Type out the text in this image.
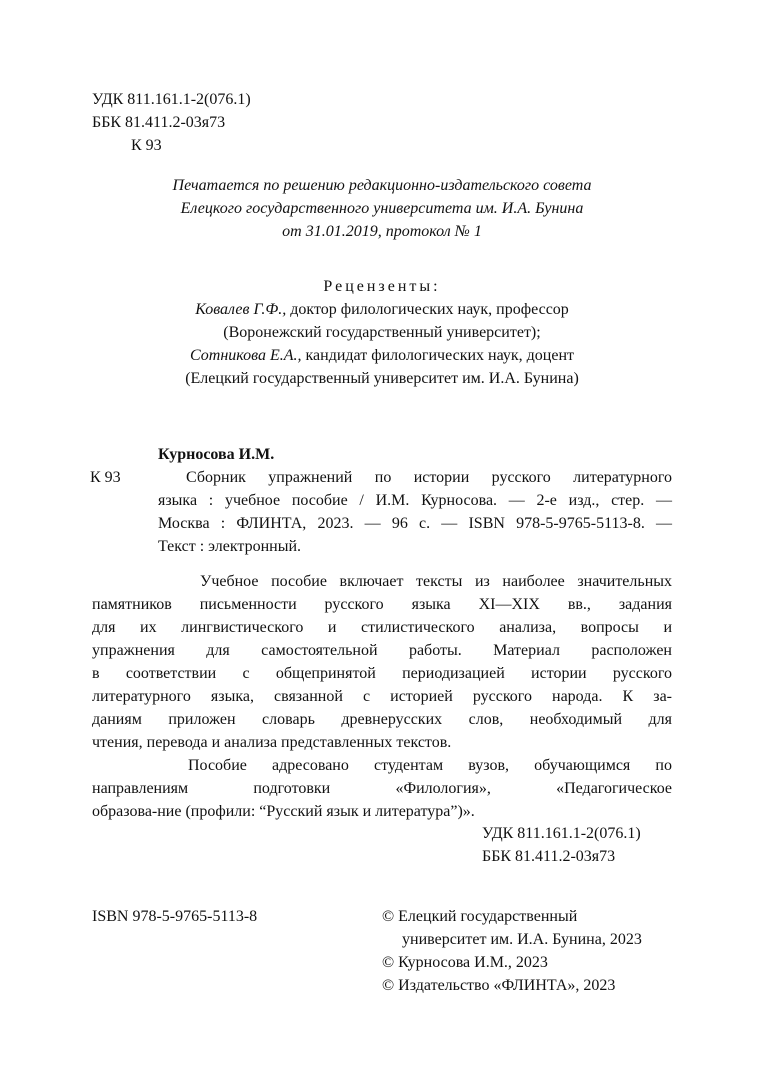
УДК 811.161.1-2(076.1)
ББК 81.411.2-03я73
К 93
Печатается по решению редакционно-издательского совета
Елецкого государственного университета им. И.А. Бунина
от 31.01.2019, протокол № 1
Рецензенты:
Ковалев Г.Ф., доктор филологических наук, профессор
(Воронежский государственный университет);
Сотникова Е.А., кандидат филологических наук, доцент
(Елецкий государственный университет им. И.А. Бунина)
Курносова И.М.
К 93	Сборник упражнений по истории русского литературного
языка : учебное пособие / И.М. Курносова. — 2-е изд., стер. —
Москва : ФЛИНТА, 2023. — 96 с. — ISBN 978-5-9765-5113-8. —
Текст : электронный.
Учебное пособие включает тексты из наиболее значительных
памятников письменности русского языка XI—XIX вв., задания
для их лингвистического и стилистического анализа, вопросы и
упражнения для самостоятельной работы. Материал расположен
в соответствии с общепринятой периодизацией истории русского
литературного языка, связанной с историей русского народа. К за-
даниям приложен словарь древнерусских слов, необходимый для
чтения, перевода и анализа представленных текстов.
Пособие адресовано студентам вузов, обучающимся по
направлениям подготовки «Филология», «Педагогическое
образова-ние (профили: “Русский язык и литература”)».
УДК 811.161.1-2(076.1)
ББК 81.411.2-03я73
ISBN 978-5-9765-5113-8	© Елецкий государственный
университет им. И.А. Бунина, 2023
© Курносова И.М., 2023
© Издательство «ФЛИНТА», 2023
